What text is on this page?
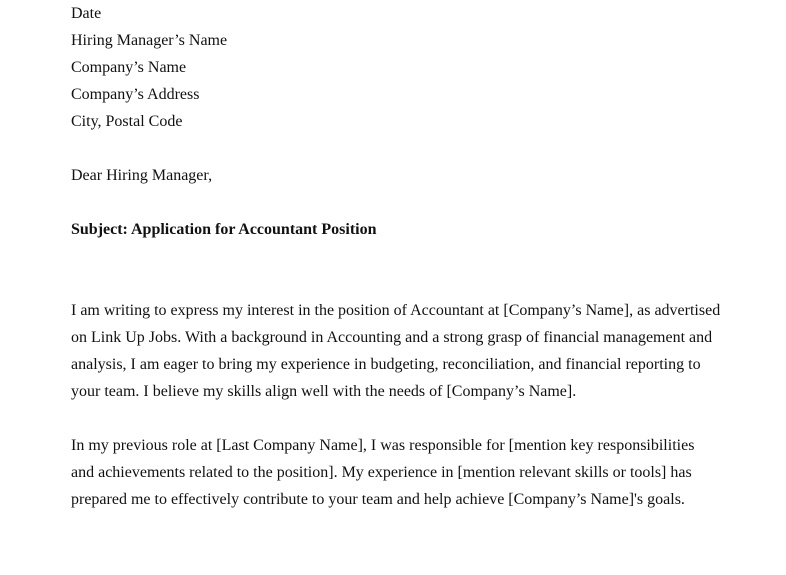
Date
Hiring Manager’s Name
Company’s Name
Company’s Address
City, Postal Code
Dear Hiring Manager,
Subject: Application for Accountant Position

I am writing to express my interest in the position of Accountant at [Company’s Name], as advertised on Link Up Jobs. With a background in Accounting and a strong grasp of financial management and analysis, I am eager to bring my experience in budgeting, reconciliation, and financial reporting to your team. I believe my skills align well with the needs of [Company’s Name].

In my previous role at [Last Company Name], I was responsible for [mention key responsibilities and achievements related to the position]. My experience in [mention relevant skills or tools] has prepared me to effectively contribute to your team and help achieve [Company’s Name]'s goals.
